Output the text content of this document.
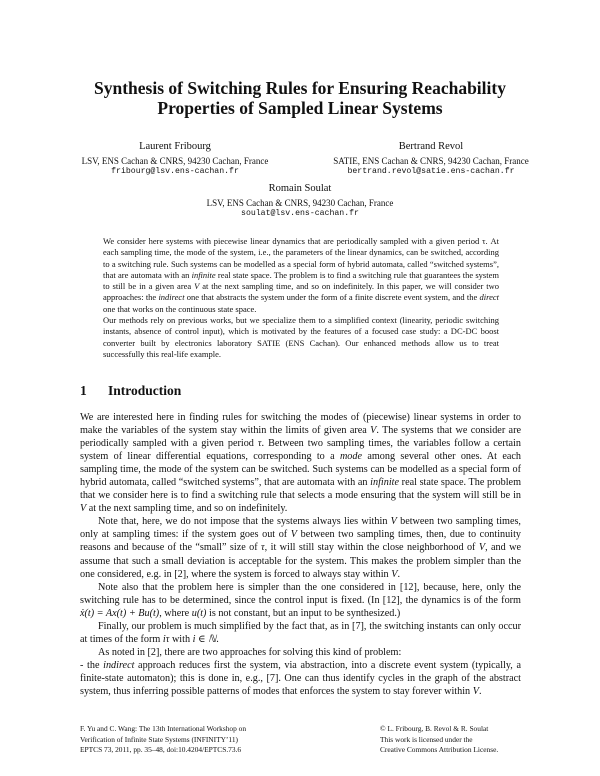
Synthesis of Switching Rules for Ensuring Reachability
Properties of Sampled Linear Systems
Laurent Fribourg
LSV, ENS Cachan & CNRS, 94230 Cachan, France
fribourg@lsv.ens-cachan.fr
Bertrand Revol
SATIE, ENS Cachan & CNRS, 94230 Cachan, France
bertrand.revol@satie.ens-cachan.fr
Romain Soulat
LSV, ENS Cachan & CNRS, 94230 Cachan, France
soulat@lsv.ens-cachan.fr

We consider here systems with piecewise linear dynamics that are periodically sampled with a given period τ. At each sampling time, the mode of the system, i.e., the parameters of the linear dynamics, can be switched, according to a switching rule. Such systems can be modelled as a special form of hybrid automata, called “switched systems”, that are automata with an infinite real state space. The problem is to find a switching rule that guarantees the system to still be in a given area V at the next sampling time, and so on indefinitely. In this paper, we will consider two approaches: the indirect one that abstracts the system under the form of a finite discrete event system, and the direct one that works on the continuous state space.

Our methods rely on previous works, but we specialize them to a simplified context (linearity, periodic switching instants, absence of control input), which is motivated by the features of a focused case study: a DC-DC boost converter built by electronics laboratory SATIE (ENS Cachan). Our enhanced methods allow us to treat successfully this real-life example.

1 Introduction

We are interested here in finding rules for switching the modes of (piecewise) linear systems in order to make the variables of the system stay within the limits of given area V. The systems that we consider are periodically sampled with a given period τ. Between two sampling times, the variables follow a certain system of linear differential equations, corresponding to a mode among several other ones. At each sampling time, the mode of the system can be switched. Such systems can be modelled as a special form of hybrid automata, called “switched systems”, that are automata with an infinite real state space. The problem that we consider here is to find a switching rule that selects a mode ensuring that the system will still be in V at the next sampling time, and so on indefinitely.

Note that, here, we do not impose that the systems always lies within V between two sampling times, only at sampling times: if the system goes out of V between two sampling times, then, due to continuity reasons and because of the “small” size of τ, it will still stay within the close neighborhood of V, and we assume that such a small deviation is acceptable for the system. This makes the problem simpler than the one considered, e.g. in [2], where the system is forced to always stay within V.

Note also that the problem here is simpler than the one considered in [12], because, here, only the switching rule has to be determined, since the control input is fixed. (In [12], the dynamics is of the form ẋ(t) = Ax(t) + Bu(t), where u(t) is not constant, but an input to be synthesized.)

Finally, our problem is much simplified by the fact that, as in [7], the switching instants can only occur at times of the form iτ with i ∈ ℕ.

As noted in [2], there are two approaches for solving this kind of problem:

- the indirect approach reduces first the system, via abstraction, into a discrete event system (typically, a finite-state automaton); this is done in, e.g., [7]. One can thus identify cycles in the graph of the abstract system, thus inferring possible patterns of modes that enforces the system to stay forever within V.

F. Yu and C. Wang: The 13th International Workshop on
Verification of Infinite State Systems (INFINITY’11)
EPTCS 73, 2011, pp. 35–48, doi:10.4204/EPTCS.73.6
© L. Fribourg, B. Revol & R. Soulat
This work is licensed under the
Creative Commons Attribution License.
